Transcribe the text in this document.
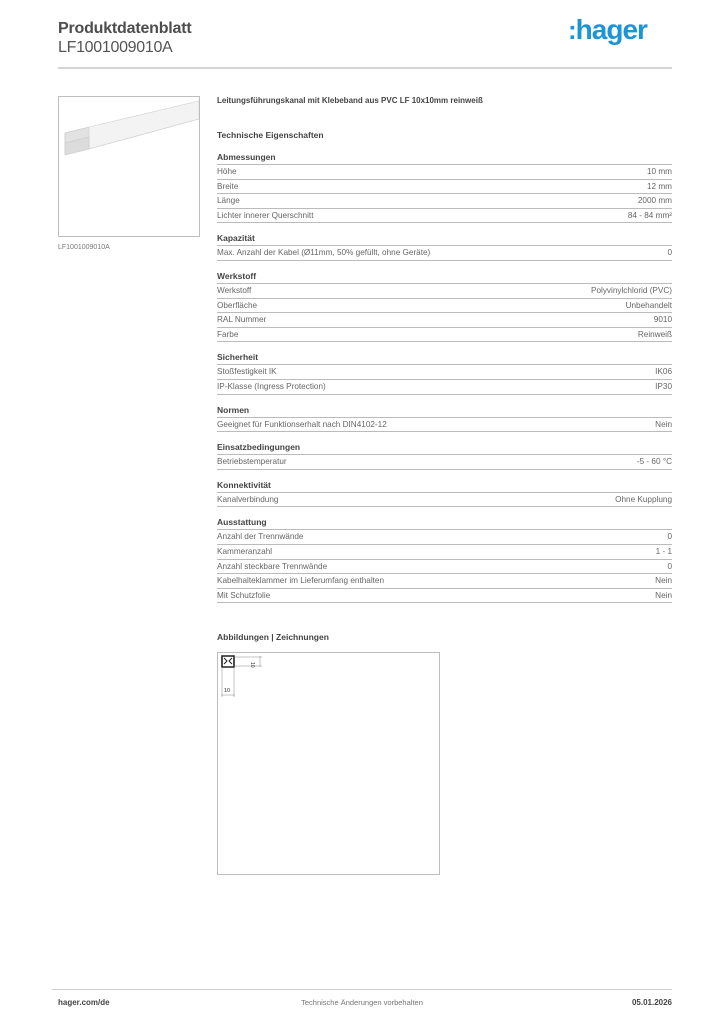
Produktdatenblatt
LF1001009010A
:hager
LF1001009010A
Leitungsführungskanal mit Klebeband aus PVC LF 10x10mm reinweiß
Technische Eigenschaften
Abmessungen
Höhe	10 mm
Breite	12 mm
Länge	2000 mm
Lichter innerer Querschnitt	84 - 84 mm²
Kapazität
Max. Anzahl der Kabel (Ø11mm, 50% gefüllt, ohne Geräte)	0
Werkstoff
Werkstoff	Polyvinylchlorid (PVC)
Oberfläche	Unbehandelt
RAL Nummer	9010
Farbe	Reinweiß
Sicherheit
Stoßfestigkeit IK	IK06
IP-Klasse (Ingress Protection)	IP30
Normen
Geeignet für Funktionserhalt nach DIN4102-12	Nein
Einsatzbedingungen
Betriebstemperatur	-5 - 60 °C
Konnektivität
Kanalverbindung	Ohne Kupplung
Ausstattung
Anzahl der Trennwände	0
Kammeranzahl	1 - 1
Anzahl steckbare Trennwände	0
Kabelhalteklammer im Lieferumfang enthalten	Nein
Mit Schutzfolie	Nein
Abbildungen | Zeichnungen
10
10
hager.com/de	Technische Änderungen vorbehalten	05.01.2026
